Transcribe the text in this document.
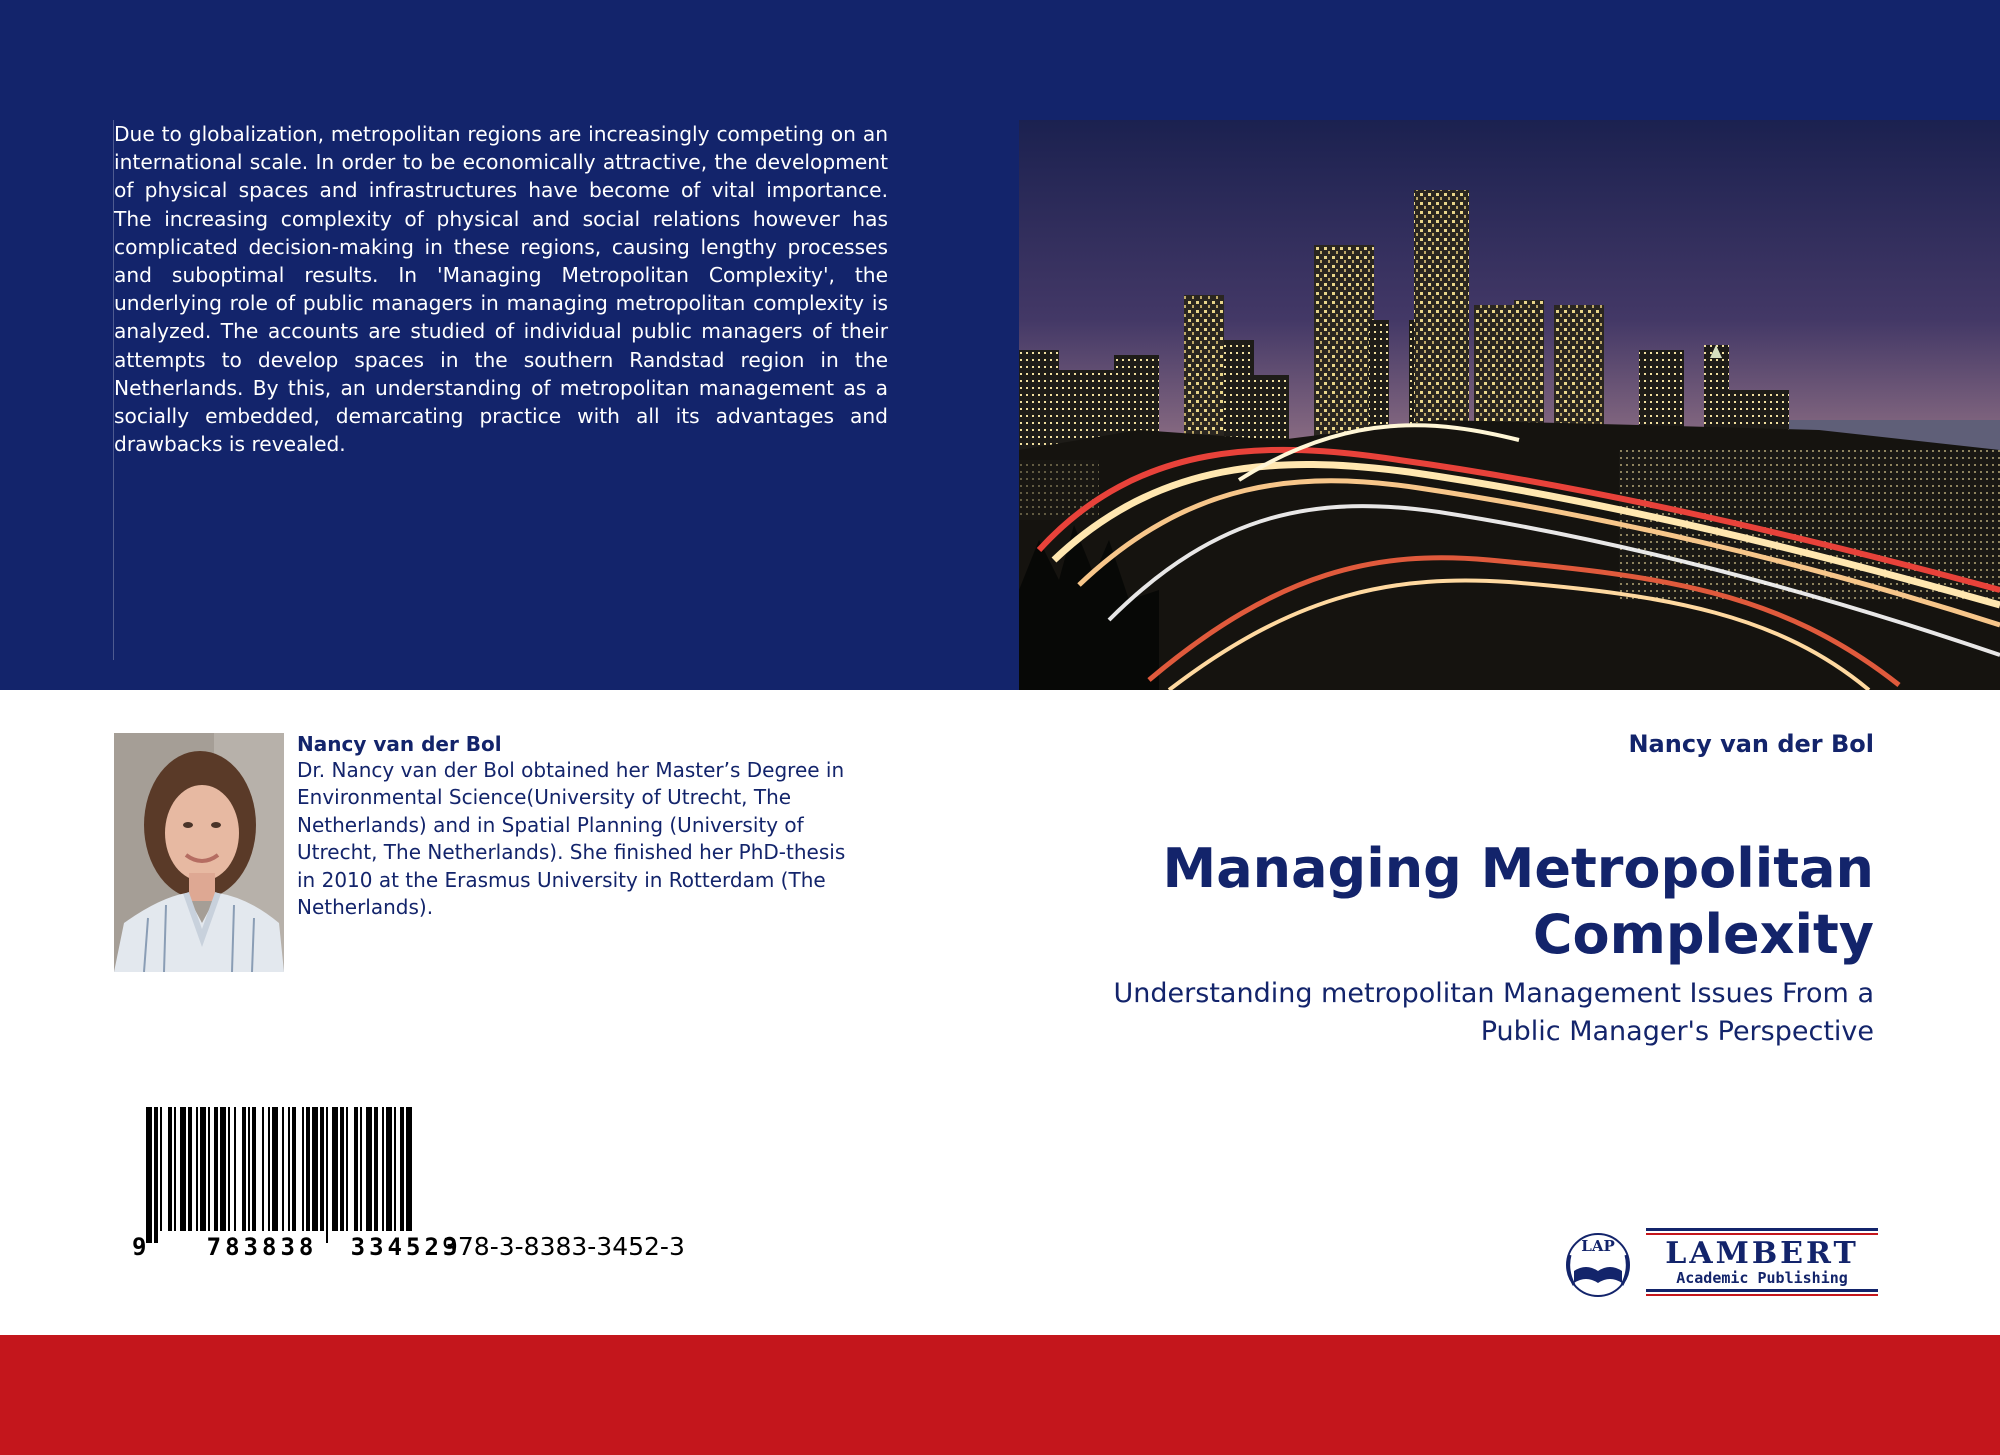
Due to globalization, metropolitan regions are increasingly competing on an international scale. In order to be economically attractive, the development of physical spaces and infrastructures have become of vital importance. The increasing complexity of physical and social relations however has complicated decision-making in these regions, causing lengthy processes and suboptimal results. In 'Managing Metropolitan Complexity', the underlying role of public managers in managing metropolitan complexity is analyzed. The accounts are studied of individual public managers of their attempts to develop spaces in the southern Randstad region in the Netherlands. By this, an understanding of metropolitan management as a socially embedded, demarcating practice with all its advantages and drawbacks is revealed.

Nancy van der Bol

Dr. Nancy van der Bol obtained her Master’s Degree in Environmental Science(University of Utrecht, The Netherlands) and in Spatial Planning (University of Utrecht, The Netherlands). She finished her PhD-thesis in 2010 at the Erasmus University in Rotterdam (The Netherlands).

Nancy van der Bol

Managing Metropolitan Complexity

Understanding metropolitan Management Issues From a Public Manager's Perspective

9	783838 334523
978-3-8383-3452-3	LAP LAMBERT
Academic Publishing
